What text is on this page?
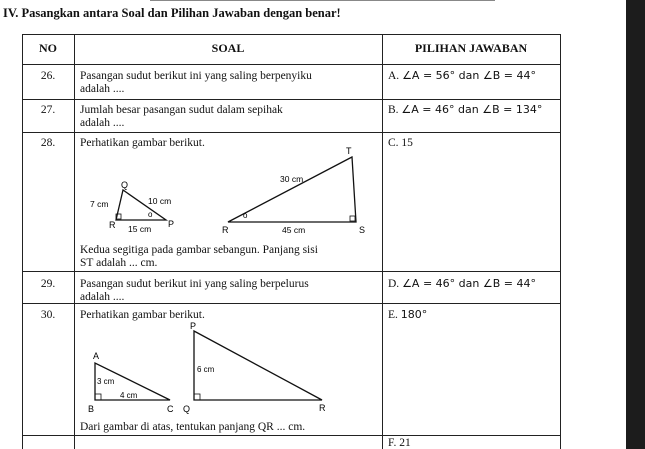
IV. Pasangkan antara Soal dan Pilihan Jawaban dengan benar!
NO	SOAL	PILIHAN JAWABAN
26.	Pasangan sudut berikut ini yang saling berpenyiku
adalah ....
A. ∠A = 56° dan ∠B = 44°
27.	Jumlah besar pasangan sudut dalam sepihak
adalah ....
B. ∠A = 46° dan ∠B = 134°
28.	Perhatikan gambar berikut.
Kedua segitiga pada gambar sebangun. Panjang sisi
ST adalah ... cm.
C. 15
Q
R	P
7 cm	10 cm
15 cm
o
T
R	S
30 cm
45 cm
o
29.	Pasangan sudut berikut ini yang saling berpelurus
adalah ....
D. ∠A = 46° dan ∠B = 44°
30.	Perhatikan gambar berikut.
Dari gambar di atas, tentukan panjang QR ... cm.
E. 180°
A
B	C
3 cm
4 cm
P
Q	R
6 cm
F. 21
